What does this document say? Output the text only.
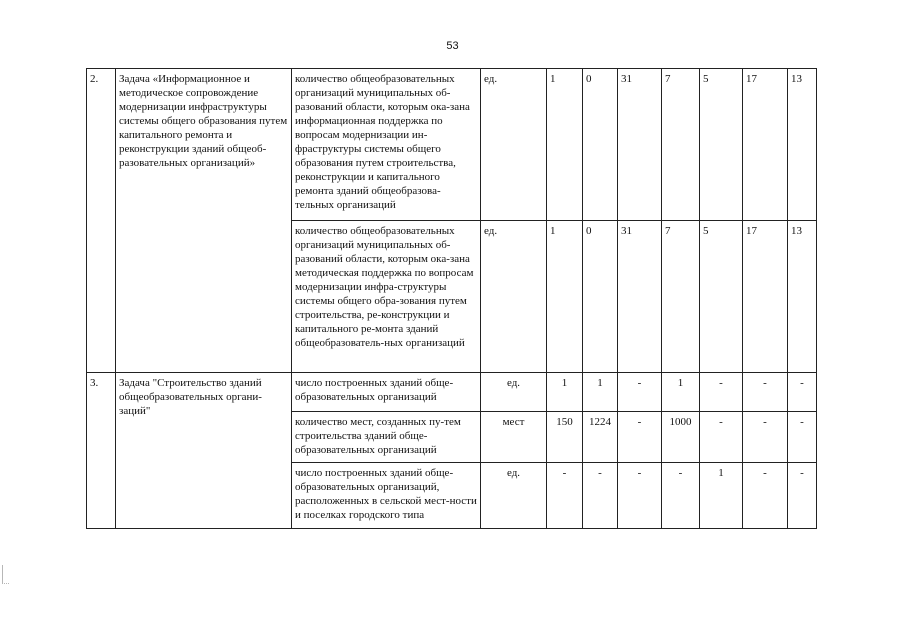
53
2.	Задача «Информационное и методическое сопровождение модернизации инфраструктуры системы общего образования путем капитального ремонта и реконструкции зданий общеоб-разовательных организаций»	количество общеобразовательных организаций муниципальных об-разований области, которым ока-зана информационная поддержка по вопросам модернизации ин-фраструктуры системы общего образования путем строительства, реконструкции и капитального ремонта зданий общеобразова-тельных организаций	ед.	1	0	31	7	5	17	13
		количество общеобразовательных организаций муниципальных об-разований области, которым ока-зана методическая поддержка по вопросам модернизации инфра-структуры системы общего обра-зования путем строительства, ре-конструкции и капитального ре-монта зданий общеобразователь-ных организаций	ед.	1	0	31	7	5	17	13
3.	Задача "Строительство зданий общеобразовательных органи-заций"	число построенных зданий обще-образовательных организаций	ед.	1	1	-	1	-	-	-
		количество мест, созданных пу-тем строительства зданий обще-образовательных организаций	мест	150	1224	-	1000	-	-	-
		число построенных зданий обще-образовательных организаций, расположенных в сельской мест-ности и поселках городского типа	ед.	-	-	-	-	1	-	-
